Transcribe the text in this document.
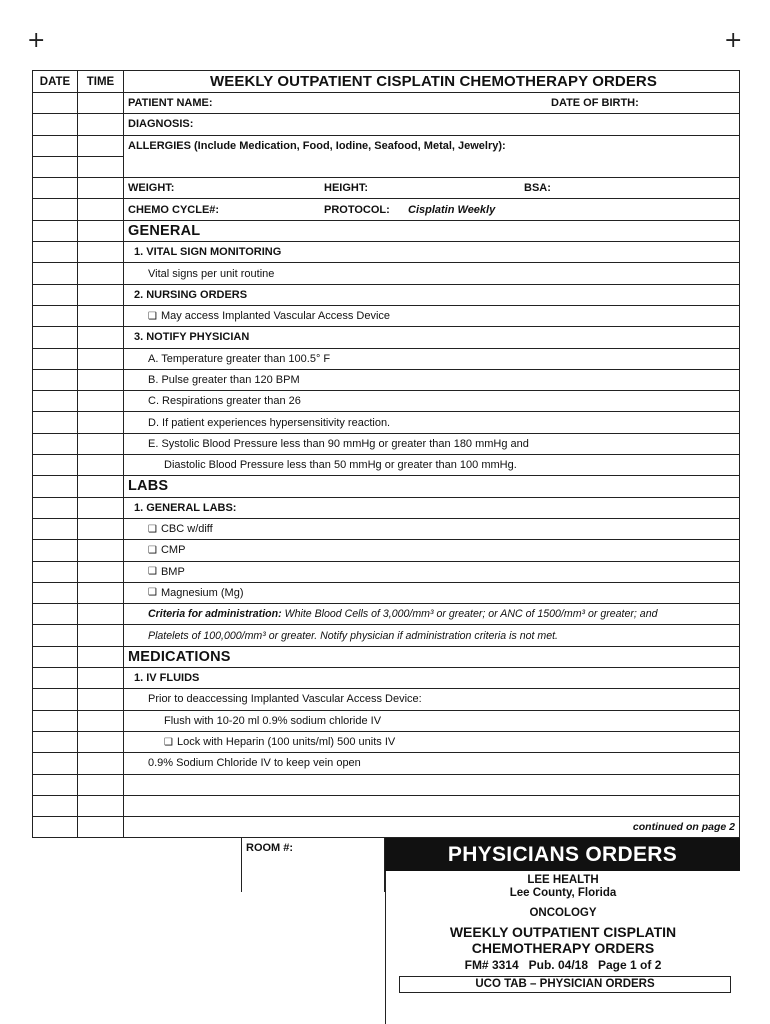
+	+
DATE	TIME	WEEKLY OUTPATIENT CISPLATIN CHEMOTHERAPY ORDERS
PATIENT NAME:	DATE OF BIRTH:
DIAGNOSIS:
ALLERGIES (Include Medication, Food, Iodine, Seafood, Metal, Jewelry):
WEIGHT:	HEIGHT:	BSA:
CHEMO CYCLE#:	PROTOCOL: Cisplatin Weekly
GENERAL
1. VITAL SIGN MONITORING
Vital signs per unit routine
2. NURSING ORDERS
❑ May access Implanted Vascular Access Device
3. NOTIFY PHYSICIAN
A. Temperature greater than 100.5° F
B. Pulse greater than 120 BPM
C. Respirations greater than 26
D. If patient experiences hypersensitivity reaction.
E. Systolic Blood Pressure less than 90 mmHg or greater than 180 mmHg and
Diastolic Blood Pressure less than 50 mmHg or greater than 100 mmHg.
LABS
1. GENERAL LABS:
❑ CBC w/diff
❑ CMP
❑ BMP
❑ Magnesium (Mg)
Criteria for administration:
White Blood Cells of 3,000/mm³ or greater; or ANC of 1500/mm³ or greater; and
Platelets of 100,000/mm³ or greater. Notify physician if administration criteria is not met.
MEDICATIONS
1. IV FLUIDS
Prior to deaccessing Implanted Vascular Access Device:
Flush with 10-20 ml 0.9% sodium chloride IV
❑ Lock with Heparin (100 units/ml) 500 units IV
0.9% Sodium Chloride IV to keep vein open
continued on page 2
ROOM #:	PHYSICIANS ORDERS
LEE HEALTH
Lee County, Florida
ONCOLOGY
WEEKLY OUTPATIENT CISPLATIN
CHEMOTHERAPY ORDERS
FM# 3314   Pub. 04/18   Page 1 of 2
UCO TAB – PHYSICIAN ORDERS
